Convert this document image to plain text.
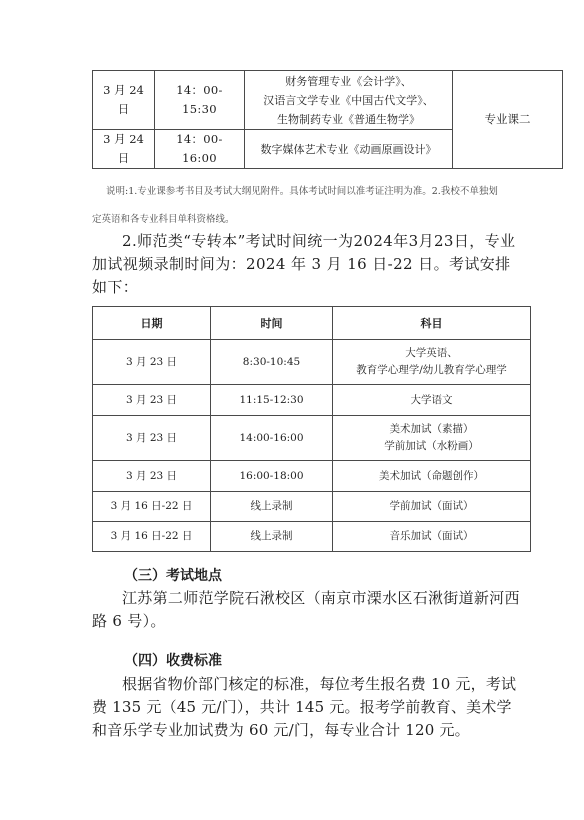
3 月 24 日	14：00-15:30	财务管理专业《会计学》、
汉语言文学专业《中国古代文学》、
生物制药专业《普通生物学》	专业课二
3 月 24 日	14：00-16:00	数字媒体艺术专业《动画原画设计》	
说明:1.专业课参考书目及考试大纲见附件。具体考试时间以准考证注明为准。2.我校不单独划定英语和各专业科目单科资格线。
2.师范类“专转本”考试时间统一为2024年3月23日，专业加试视频录制时间为：2024 年 3 月 16 日-22 日。考试安排如下：
日期	时间	科目
3 月 23 日	8:30-10:45	大学英语、
教育学心理学/幼儿教育学心理学

3 月 23 日	11:15-12:30	大学语文

3 月 23 日	14:00-16:00	美术加试（素描）
学前加试（水粉画）

3 月 23 日	16:00-18:00	美术加试（命题创作）

3 月 16 日-22 日	线上录制	学前加试（面试）

3 月 16 日-22 日	线上录制	音乐加试（面试）
（三）考试地点
江苏第二师范学院石湫校区（南京市溧水区石湫街道新河西路 6 号）。
（四）收费标准
根据省物价部门核定的标准，每位考生报名费 10 元，考试费 135 元（45 元/门），共计 145 元。报考学前教育、美术学和音乐学专业加试费为 60 元/门，每专业合计 120 元。
